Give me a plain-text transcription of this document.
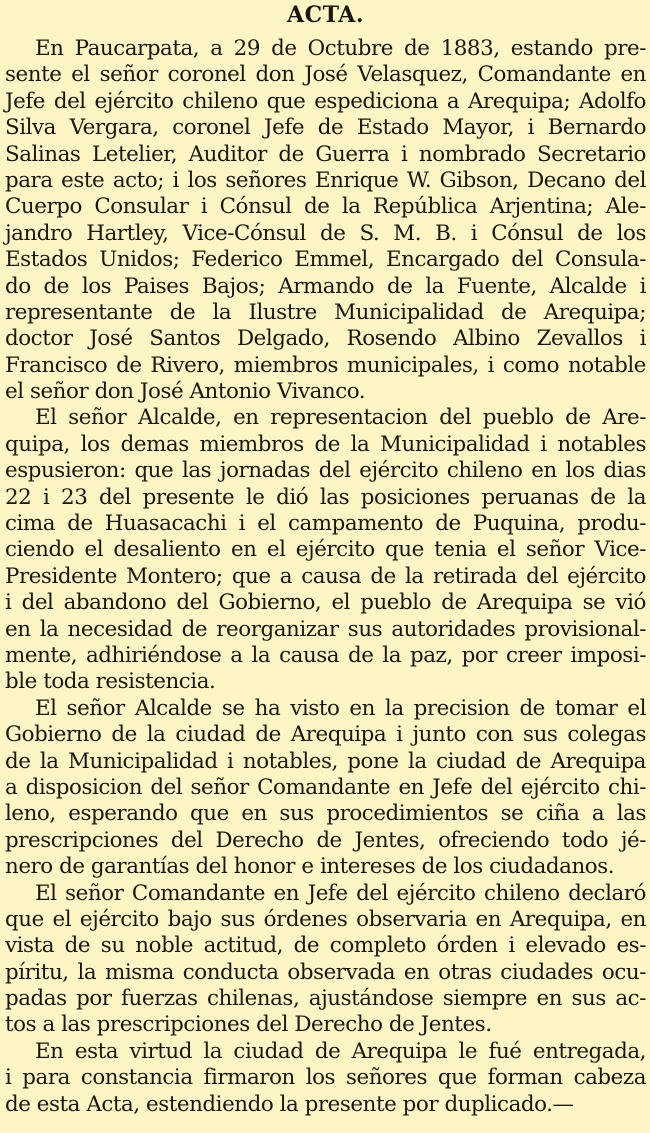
ACTA.
En Paucarpata, a 29 de Octubre de 1883, estando pre-
sente el señor coronel don José Velasquez, Comandante en
Jefe del ejército chileno que espediciona a Arequipa; Adolfo
Silva Vergara, coronel Jefe de Estado Mayor, i Bernardo
Salinas Letelier, Auditor de Guerra i nombrado Secretario
para este acto; i los señores Enrique W. Gibson, Decano del
Cuerpo Consular i Cónsul de la República Arjentina; Ale-
jandro Hartley, Vice-Cónsul de S. M. B. i Cónsul de los
Estados Unidos; Federico Emmel, Encargado del Consula-
do de los Paises Bajos; Armando de la Fuente, Alcalde i
representante de la Ilustre Municipalidad de Arequipa;
doctor José Santos Delgado, Rosendo Albino Zevallos i
Francisco de Rivero, miembros municipales, i como notable
el señor don José Antonio Vivanco.
El señor Alcalde, en representacion del pueblo de Are-
quipa, los demas miembros de la Municipalidad i notables
espusieron: que las jornadas del ejército chileno en los dias
22 i 23 del presente le dió las posiciones peruanas de la
cima de Huasacachi i el campamento de Puquina, produ-
ciendo el desaliento en el ejército que tenia el señor Vice-
Presidente Montero; que a causa de la retirada del ejército
i del abandono del Gobierno, el pueblo de Arequipa se vió
en la necesidad de reorganizar sus autoridades provisional-
mente, adhiriéndose a la causa de la paz, por creer imposi-
ble toda resistencia.
El señor Alcalde se ha visto en la precision de tomar el
Gobierno de la ciudad de Arequipa i junto con sus colegas
de la Municipalidad i notables, pone la ciudad de Arequipa
a disposicion del señor Comandante en Jefe del ejército chi-
leno, esperando que en sus procedimientos se ciña a las
prescripciones del Derecho de Jentes, ofreciendo todo jé-
nero de garantías del honor e intereses de los ciudadanos.
El señor Comandante en Jefe del ejército chileno declaró
que el ejército bajo sus órdenes observaria en Arequipa, en
vista de su noble actitud, de completo órden i elevado es-
píritu, la misma conducta observada en otras ciudades ocu-
padas por fuerzas chilenas, ajustándose siempre en sus ac-
tos a las prescripciones del Derecho de Jentes.
En esta virtud la ciudad de Arequipa le fué entregada,
i para constancia firmaron los señores que forman cabeza
de esta Acta, estendiendo la presente por duplicado.—
